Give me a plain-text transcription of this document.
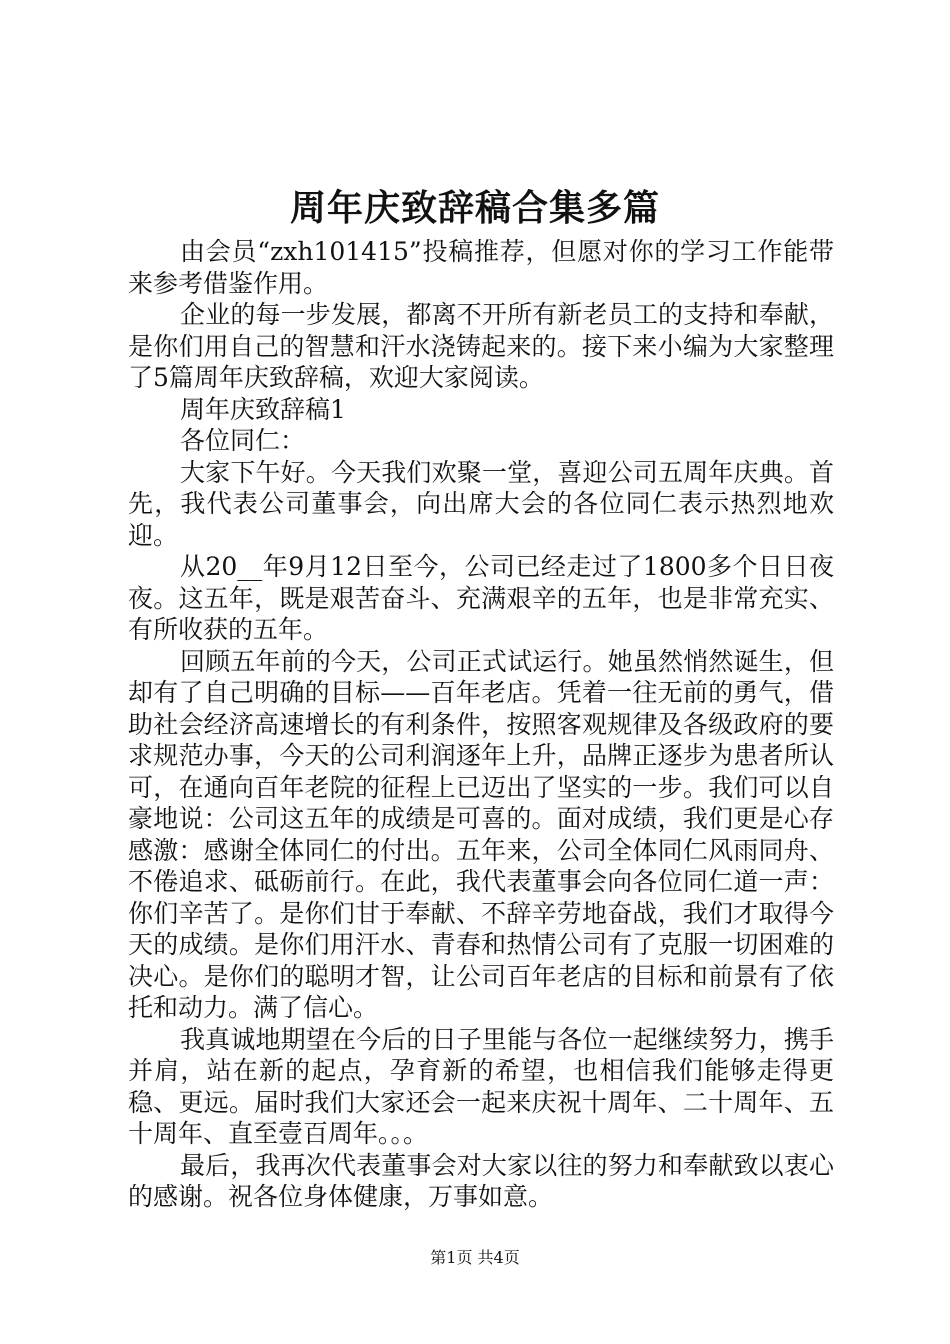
周年庆致辞稿合集多篇

由会员“zxh101415”投稿推荐，但愿对你的学习工作能带来参考借鉴作用。

企业的每一步发展，都离不开所有新老员工的支持和奉献，是你们用自己的智慧和汗水浇铸起来的。接下来小编为大家整理了5篇周年庆致辞稿，欢迎大家阅读。

周年庆致辞稿1

各位同仁：

大家下午好。今天我们欢聚一堂，喜迎公司五周年庆典。首先，我代表公司董事会，向出席大会的各位同仁表示热烈地欢迎。

从20__年9月12日至今，公司已经走过了1800多个日日夜夜。这五年，既是艰苦奋斗、充满艰辛的五年，也是非常充实、有所收获的五年。

回顾五年前的今天，公司正式试运行。她虽然悄然诞生，但却有了自己明确的目标——百年老店。凭着一往无前的勇气，借助社会经济高速增长的有利条件，按照客观规律及各级政府的要求规范办事，今天的公司利润逐年上升，品牌正逐步为患者所认可，在通向百年老院的征程上已迈出了坚实的一步。我们可以自豪地说：公司这五年的成绩是可喜的。面对成绩，我们更是心存感激：感谢全体同仁的付出。五年来，公司全体同仁风雨同舟、不倦追求、砥砺前行。在此，我代表董事会向各位同仁道一声：你们辛苦了。是你们甘于奉献、不辞辛劳地奋战，我们才取得今天的成绩。是你们用汗水、青春和热情公司有了克服一切困难的决心。是你们的聪明才智，让公司百年老店的目标和前景有了依托和动力。满了信心。

我真诚地期望在今后的日子里能与各位一起继续努力，携手并肩，站在新的起点，孕育新的希望，也相信我们能够走得更稳、更远。届时我们大家还会一起来庆祝十周年、二十周年、五十周年、直至壹百周年。。。

最后，我再次代表董事会对大家以往的努力和奉献致以衷心的感谢。祝各位身体健康，万事如意。

第1页 共4页
